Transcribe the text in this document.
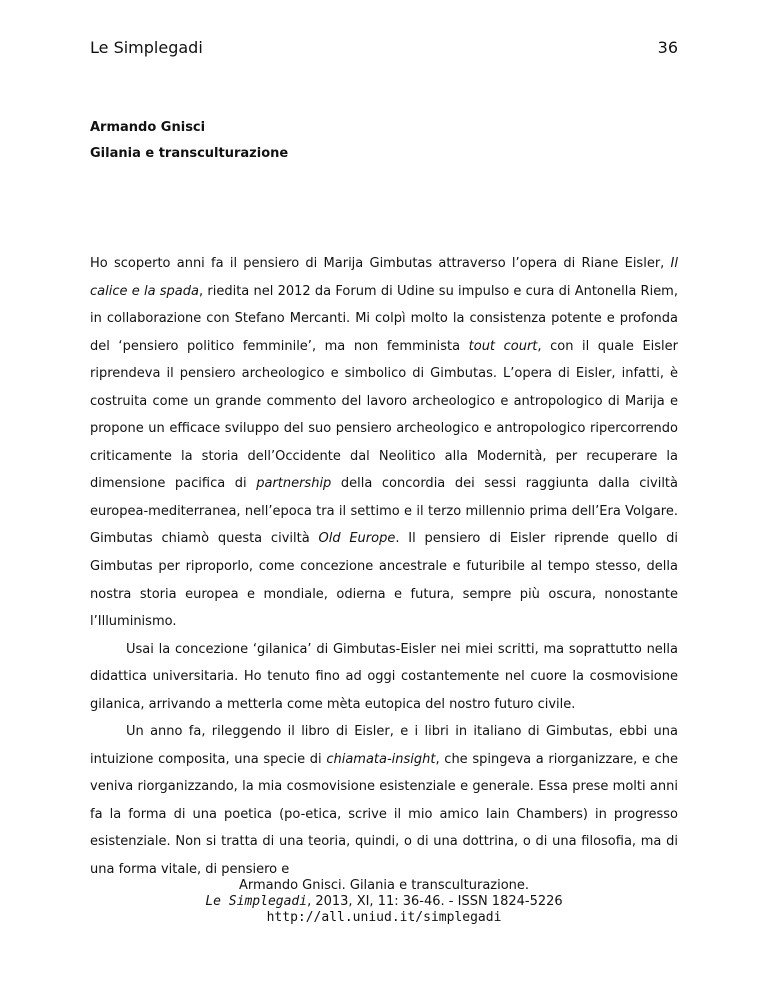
Le Simplegadi	36
Armando Gnisci
Gilania e transculturazione

Ho scoperto anni fa il pensiero di Marija Gimbutas attraverso l’opera di Riane Eisler, Il calice e la spada, riedita nel 2012 da Forum di Udine su impulso e cura di Antonella Riem, in collaborazione con Stefano Mercanti. Mi colpì molto la consistenza potente e profonda del ‘pensiero politico femminile’, ma non femminista tout court, con il quale Eisler riprendeva il pensiero archeologico e simbolico di Gimbutas. L’opera di Eisler, infatti, è costruita come un grande commento del lavoro archeologico e antropologico di Marija e propone un efficace sviluppo del suo pensiero archeologico e antropologico ripercorrendo criticamente la storia dell’Occidente dal Neolitico alla Modernità, per recuperare la dimensione pacifica di partnership della concordia dei sessi raggiunta dalla civiltà europea-mediterranea, nell’epoca tra il settimo e il terzo millennio prima dell’Era Volgare. Gimbutas chiamò questa civiltà Old Europe. Il pensiero di Eisler riprende quello di Gimbutas per riproporlo, come concezione ancestrale e futuribile al tempo stesso, della nostra storia europea e mondiale, odierna e futura, sempre più oscura, nonostante l’Illuminismo.

Usai la concezione ‘gilanica’ di Gimbutas-Eisler nei miei scritti, ma soprattutto nella didattica universitaria. Ho tenuto fino ad oggi costantemente nel cuore la cosmovisione gilanica, arrivando a metterla come mèta eutopica del nostro futuro civile.

Un anno fa, rileggendo il libro di Eisler, e i libri in italiano di Gimbutas, ebbi una intuizione composita, una specie di chiamata-insight, che spingeva a riorganizzare, e che veniva riorganizzando, la mia cosmovisione esistenziale e generale. Essa prese molti anni fa la forma di una poetica (po-etica, scrive il mio amico Iain Chambers) in progresso esistenziale. Non si tratta di una teoria, quindi, o di una dottrina, o di una filosofia, ma di una forma vitale, di pensiero e

Armando Gnisci. Gilania e transculturazione.
Le Simplegadi, 2013, XI, 11: 36-46. - ISSN 1824-5226
http://all.uniud.it/simplegadi
